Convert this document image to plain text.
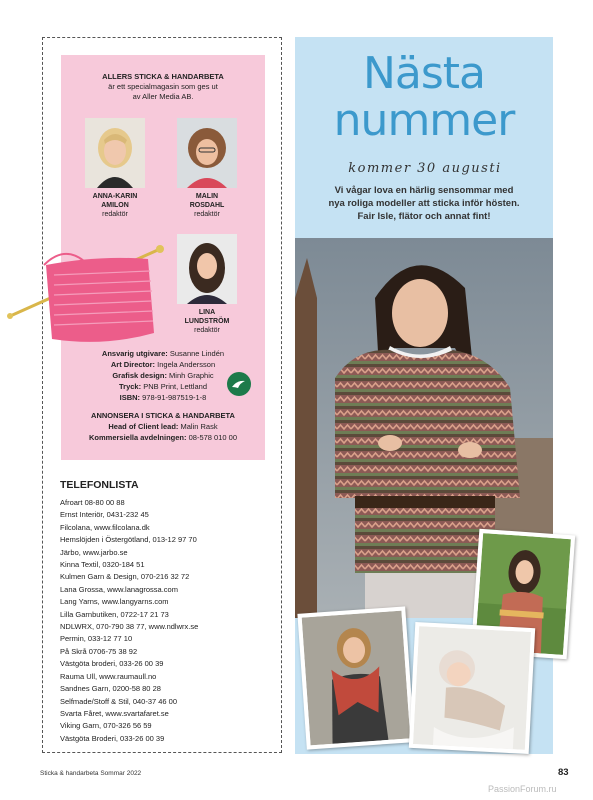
ALLERS STICKA & HANDARBETA
är ett specialmagasin som ges ut
av Aller Media AB.
ANNA-KARIN
AMILON
redaktör
MALIN
ROSDAHL
redaktör
LINA
LUNDSTRÖM
redaktör
Ansvarig utgivare: Susanne Lindén
Art Director: Ingela Andersson
Grafisk design: Minh Graphic
Tryck: PNB Print, Lettland
ISBN: 978-91-987519-1-8
ANNONSERA I STICKA & HANDARBETA
Head of Client lead: Malin Rask
Kommersiella avdelningen: 08-578 010 00
TELEFONLISTA
Afroart 08-80 00 88
Ernst Interiör, 0431-232 45
Filcolana, www.filcolana.dk
Hemslöjden i Östergötland, 013-12 97 70
Järbo, www.jarbo.se
Kinna Textil, 0320-184 51
Kulmen Garn & Design, 070-216 32 72
Lana Grossa, www.lanagrossa.com
Lang Yarns, www.langyarns.com
Lilla Garnbutiken, 0722-17 21 73
NDLWRX, 070-790 38 77, www.ndlwrx.se
Permin, 033-12 77 10
På Skrå 0706-75 38 92
Västgöta broderi, 033-26 00 39
Rauma Ull, www.raumaull.no
Sandnes Garn, 0200-58 80 28
Selfmade/Stoff & Stil, 040-37 46 00
Svarta Fåret, www.svartafaret.se
Viking Garn, 070-326 56 59
Västgöta Broderi, 033-26 00 39
Sticka & handarbeta Sommar 2022	83
PassionForum.ru
Nästa
nummer
kommer 30 augusti
Vi vågar lova en härlig sensommar med
nya roliga modeller att sticka inför hösten.
Fair Isle, flätor och annat fint!
